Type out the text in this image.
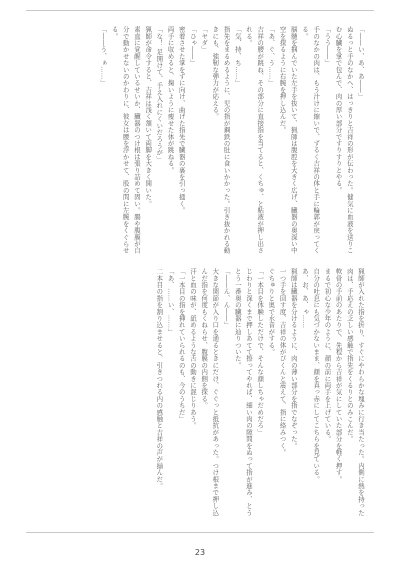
「――い、あ、あ――」

ぬるっと手のなかへ、はっきりと吉祥の形が伝わった。健気に血液を送りこむ心臓を掌で包んで、肉の厚い部分ですりすりとやる。

「うう――」

手のなかの肉は、もう汁けに縮いで、ずるく吉祥の体と手に輪郭が戻ってくる。

脳髄を掴んでいた左手を抜いて、猟師は腹腔を大きく広げ、臓器の奥深い中空を探るように右腕を押し込んだ。

「あ、ぐ、う……」

吉祥の腰が跳ね、その部分に直接指を当てると、くちゅ、と粘液が押し出される。

「気、持、ち……」

指先をまるめるように、児の指が鋼鉄の肚に食いかかった。引き抜かれる動きにも、強靭な弾力が応える。

「ヤダ」

「ひゃ――」

密着させた掌をずに向け、曲げた指先で臓器の裏を引っ掻く。

両手に収めると、掬いように痩せた体が跳ねる。

「な！ 足開けて、手え入れにくいだろうが」

猟師が命令すると、吉祥は浅く頷いて両脚を大きく開いた。

素直に覚醒しているせいか、臓器のつけ根は張り詰めて固い。腸や腹膜が自分で動かせないのかわりに、彼女は腰を浮かせて、股の間に左腕をくぐらせる。

「――う、ぁ……」

猟師が入れた指を折り、すぐにやわらかな塊みに行き当たった。内側に熱を持った肉は、手応えの乏しい感触で指先をくるりとのみこんだ。

軟骨の手前のあたりで、先程から吉祥が気にしていた部分を軽く押す。

まるで初心な少年のように、顔の前に両手を上げている。

自分の吐息にも気づかないまま、顔を真っ赤にしてこちらを見ている。

あ、お、あ、ゃ……

猟師は臓器を分けるように、肉の薄い部分を指でなぞった。

一つ手を回す度、吉祥の体がびくんと震えて、指に絡みつく。

ぐちゅりと奥で水音がする。

「一本目を体験しただけで、そんな顔しちゃだめだろ」

じわりと深くまで押しあてて擦ってやれば、細い肉の隙間をぬって指が進み、とうとう一番奥の臓器に辿りついた。

「――ん、ん――」

大きな関節が入り口を通るときにだけ、ぐぐっと抵抗があった。つけ根まで押し込んだ指を何度もくねらせ、腹膜の内側を探る。

汗と血の味が、舐めるような舌の動きに混じりあう。

「一本目の指を挿れていられるのも、今のうちだ」

「あ、……い、……」

二本目の指を割り込ませると、引きつれる内の感触と吉祥の声が揃んだ。

23
